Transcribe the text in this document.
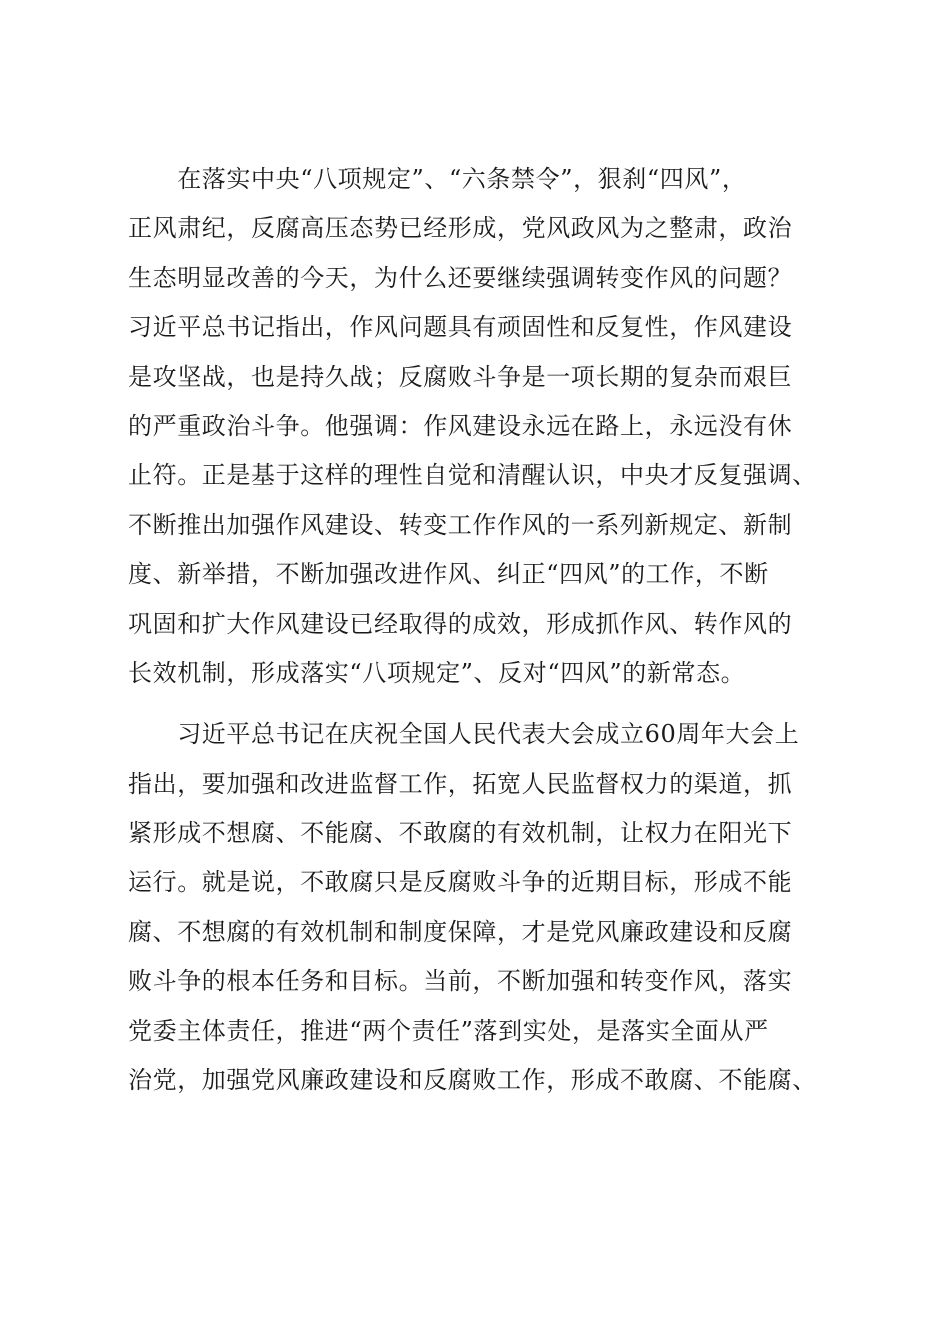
　　在落实中央“八项规定”、“六条禁令”，狠刹“四风”，
正风肃纪，反腐高压态势已经形成，党风政风为之整肃，政治
生态明显改善的今天，为什么还要继续强调转变作风的问题？
习近平总书记指出，作风问题具有顽固性和反复性，作风建设
是攻坚战，也是持久战；反腐败斗争是一项长期的复杂而艰巨
的严重政治斗争。他强调：作风建设永远在路上，永远没有休
止符。正是基于这样的理性自觉和清醒认识，中央才反复强调、
不断推出加强作风建设、转变工作作风的一系列新规定、新制
度、新举措，不断加强改进作风、纠正“四风”的工作，不断
巩固和扩大作风建设已经取得的成效，形成抓作风、转作风的
长效机制，形成落实“八项规定”、反对“四风”的新常态。
　　习近平总书记在庆祝全国人民代表大会成立60周年大会上
指出，要加强和改进监督工作，拓宽人民监督权力的渠道，抓
紧形成不想腐、不能腐、不敢腐的有效机制，让权力在阳光下
运行。就是说，不敢腐只是反腐败斗争的近期目标，形成不能
腐、不想腐的有效机制和制度保障，才是党风廉政建设和反腐
败斗争的根本任务和目标。当前，不断加强和转变作风，落实
党委主体责任，推进“两个责任”落到实处，是落实全面从严
治党，加强党风廉政建设和反腐败工作，形成不敢腐、不能腐、
